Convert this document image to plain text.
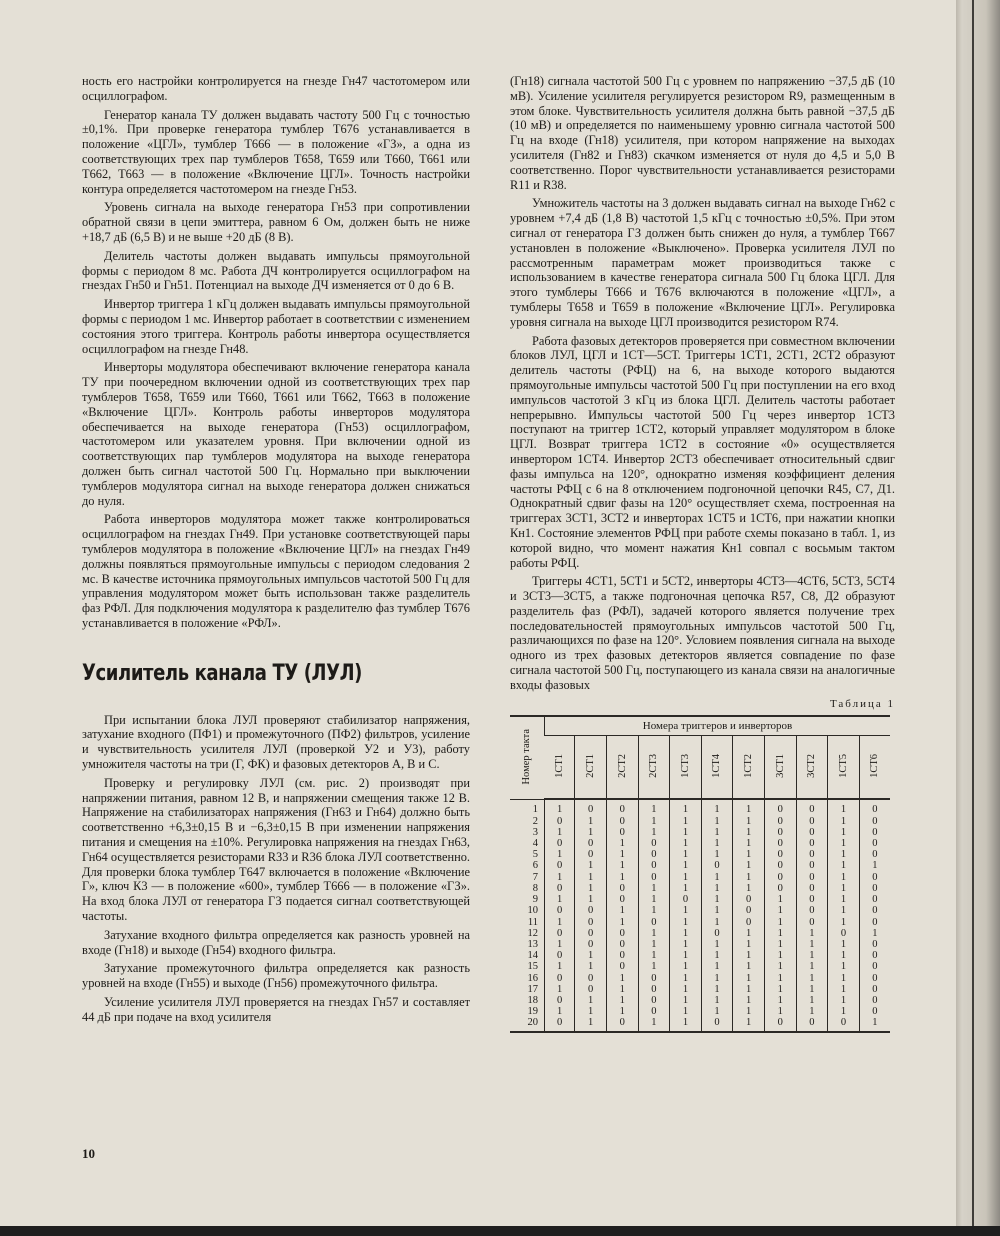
ность его настройки контролируется на гнезде Гн47 частотомером или осциллографом.

Генератор канала ТУ должен выдавать частоту 500 Гц с точностью ±0,1%. При проверке генератора тумблер Т676 устанавливается в положение «ЦГЛ», тумблер Т666 — в положение «ГЗ», а одна из соответствующих трех пар тумблеров Т658, Т659 или Т660, Т661 или Т662, Т663 — в положение «Включение ЦГЛ». Точность настройки контура определяется частотомером на гнезде Гн53.

Уровень сигнала на выходе генератора Гн53 при сопротивлении обратной связи в цепи эмиттера, равном 6 Ом, должен быть не ниже +18,7 дБ (6,5 В) и не выше +20 дБ (8 В).

Делитель частоты должен выдавать импульсы прямоугольной формы с периодом 8 мс. Работа ДЧ контролируется осциллографом на гнездах Гн50 и Гн51. Потенциал на выходе ДЧ изменяется от 0 до 6 В.

Инвертор триггера 1 кГц должен выдавать импульсы прямоугольной формы с периодом 1 мс. Инвертор работает в соответствии с изменением состояния этого триггера. Контроль работы инвертора осуществляется осциллографом на гнезде Гн48.

Инверторы модулятора обеспечивают включение генератора канала ТУ при поочередном включении одной из соответствующих трех пар тумблеров Т658, Т659 или Т660, Т661 или Т662, Т663 в положение «Включение ЦГЛ». Контроль работы инверторов модулятора обеспечивается на выходе генератора (Гн53) осциллографом, частотомером или указателем уровня. При включении одной из соответствующих пар тумблеров модулятора на выходе генератора должен быть сигнал частотой 500 Гц. Нормально при выключении тумблеров модулятора сигнал на выходе генератора должен снижаться до нуля.

Работа инверторов модулятора может также контролироваться осциллографом на гнездах Гн49. При установке соответствующей пары тумблеров модулятора в положение «Включение ЦГЛ» на гнездах Гн49 должны появляться прямоугольные импульсы с периодом следования 2 мс. В качестве источника прямоугольных импульсов частотой 500 Гц для управления модулятором может быть использован также разделитель фаз РФЛ. Для подключения модулятора к разделителю фаз тумблер Т676 устанавливается в положение «РФЛ».

Усилитель канала ТУ (ЛУЛ)

При испытании блока ЛУЛ проверяют стабилизатор напряжения, затухание входного (ПФ1) и промежуточного (ПФ2) фильтров, усиление и чувствительность усилителя ЛУЛ (проверкой У2 и У3), работу умножителя частоты на три (Г, ФК) и фазовых детекторов А, В и С.

Проверку и регулировку ЛУЛ (см. рис. 2) производят при напряжении питания, равном 12 В, и напряжении смещения также 12 В. Напряжение на стабилизаторах напряжения (Гн63 и Гн64) должно быть соответственно +6,3±0,15 В и −6,3±0,15 В при изменении напряжения питания и смещения на ±10%. Регулировка напряжения на гнездах Гн63, Гн64 осуществляется резисторами R33 и R36 блока ЛУЛ соответственно. Для проверки блока тумблер Т647 включается в положение «Включение Г», ключ К3 — в положение «600», тумблер Т666 — в положение «ГЗ». На вход блока ЛУЛ от генератора ГЗ подается сигнал соответствующей частоты.

Затухание входного фильтра определяется как разность уровней на входе (Гн18) и выходе (Гн54) входного фильтра.

Затухание промежуточного фильтра определяется как разность уровней на входе (Гн55) и выходе (Гн56) промежуточного фильтра.

Усиление усилителя ЛУЛ проверяется на гнездах Гн57 и составляет 44 дБ при подаче на вход усилителя

10

(Гн18) сигнала частотой 500 Гц с уровнем по напряжению −37,5 дБ (10 мВ). Усиление усилителя регулируется резистором R9, размещенным в этом блоке. Чувствительность усилителя должна быть равной −37,5 дБ (10 мВ) и определяется по наименьшему уровню сигнала частотой 500 Гц на входе (Гн18) усилителя, при котором напряжение на выходах усилителя (Гн82 и Гн83) скачком изменяется от нуля до 4,5 и 5,0 В соответственно. Порог чувствительности устанавливается резисторами R11 и R38.

Умножитель частоты на 3 должен выдавать сигнал на выходе Гн62 с уровнем +7,4 дБ (1,8 В) частотой 1,5 кГц с точностью ±0,5%. При этом сигнал от генератора ГЗ должен быть снижен до нуля, а тумблер Т667 установлен в положение «Выключено». Проверка усилителя ЛУЛ по рассмотренным параметрам может производиться также с использованием в качестве генератора сигнала 500 Гц блока ЦГЛ. Для этого тумблеры Т666 и Т676 включаются в положение «ЦГЛ», а тумблеры Т658 и Т659 в положение «Включение ЦГЛ». Регулировка уровня сигнала на выходе ЦГЛ производится резистором R74.

Работа фазовых детекторов проверяется при совместном включении блоков ЛУЛ, ЦГЛ и 1СТ—5СТ. Триггеры 1СТ1, 2СТ1, 2СТ2 образуют делитель частоты (РФЦ) на 6, на выходе которого выдаются прямоугольные импульсы частотой 500 Гц при поступлении на его вход импульсов частотой 3 кГц из блока ЦГЛ. Делитель частоты работает непрерывно. Импульсы частотой 500 Гц через инвертор 1СТ3 поступают на триггер 1СТ2, который управляет модулятором в блоке ЦГЛ. Возврат триггера 1СТ2 в состояние «0» осуществляется инвертором 1СТ4. Инвертор 2СТ3 обеспечивает относительный сдвиг фазы импульса на 120°, однократно изменяя коэффициент деления частоты РФЦ с 6 на 8 отключением подгоночной цепочки R45, С7, Д1. Однократный сдвиг фазы на 120° осуществляет схема, построенная на триггерах 3СТ1, 3СТ2 и инверторах 1СТ5 и 1СТ6, при нажатии кнопки Кн1. Состояние элементов РФЦ при работе схемы показано в табл. 1, из которой видно, что момент нажатия Кн1 совпал с восьмым тактом работы РФЦ.

Триггеры 4СТ1, 5СТ1 и 5СТ2, инверторы 4СТ3—4СТ6, 5СТ3, 5СТ4 и 3СТ3—3СТ5, а также подгоночная цепочка R57, С8, Д2 образуют разделитель фаз (РФЛ), задачей которого является получение трех последовательностей прямоугольных импульсов частотой 500 Гц, различающихся по фазе на 120°. Условием появления сигнала на выходе одного из трех фазовых детекторов является совпадение по фазе сигнала частотой 500 Гц, поступающего из канала связи на аналогичные входы фазовых

Таблица 1
Номер такта	Номера триггеров и инверторов										
	1СТ1	2СТ1	2СТ2	2СТ3	1СТ3	1СТ4	1СТ2	3СТ1	3СТ2	1СТ5	1СТ6
1	1	0	0	1	1	1	1	0	0	1	0
2	0	1	0	1	1	1	1	0	0	1	0
3	1	1	0	1	1	1	1	0	0	1	0
4	0	0	1	0	1	1	1	0	0	1	0
5	1	0	1	0	1	1	1	0	0	1	0
6	0	1	1	0	1	0	1	0	0	1	1
7	1	1	1	0	1	1	1	0	0	1	0
8	0	1	0	1	1	1	1	0	0	1	0
9	1	1	0	1	0	1	0	1	0	1	0
10	0	0	1	1	1	1	0	1	0	1	0
11	1	0	1	0	1	1	0	1	0	1	0
12	0	0	0	1	1	0	1	1	1	0	1
13	1	0	0	1	1	1	1	1	1	1	0
14	0	1	0	1	1	1	1	1	1	1	0
15	1	1	0	1	1	1	1	1	1	1	0
16	0	0	1	0	1	1	1	1	1	1	0
17	1	0	1	0	1	1	1	1	1	1	0
18	0	1	1	0	1	1	1	1	1	1	0
19	1	1	1	0	1	1	1	1	1	1	0
20	0	1	0	1	1	0	1	0	0	0	1
